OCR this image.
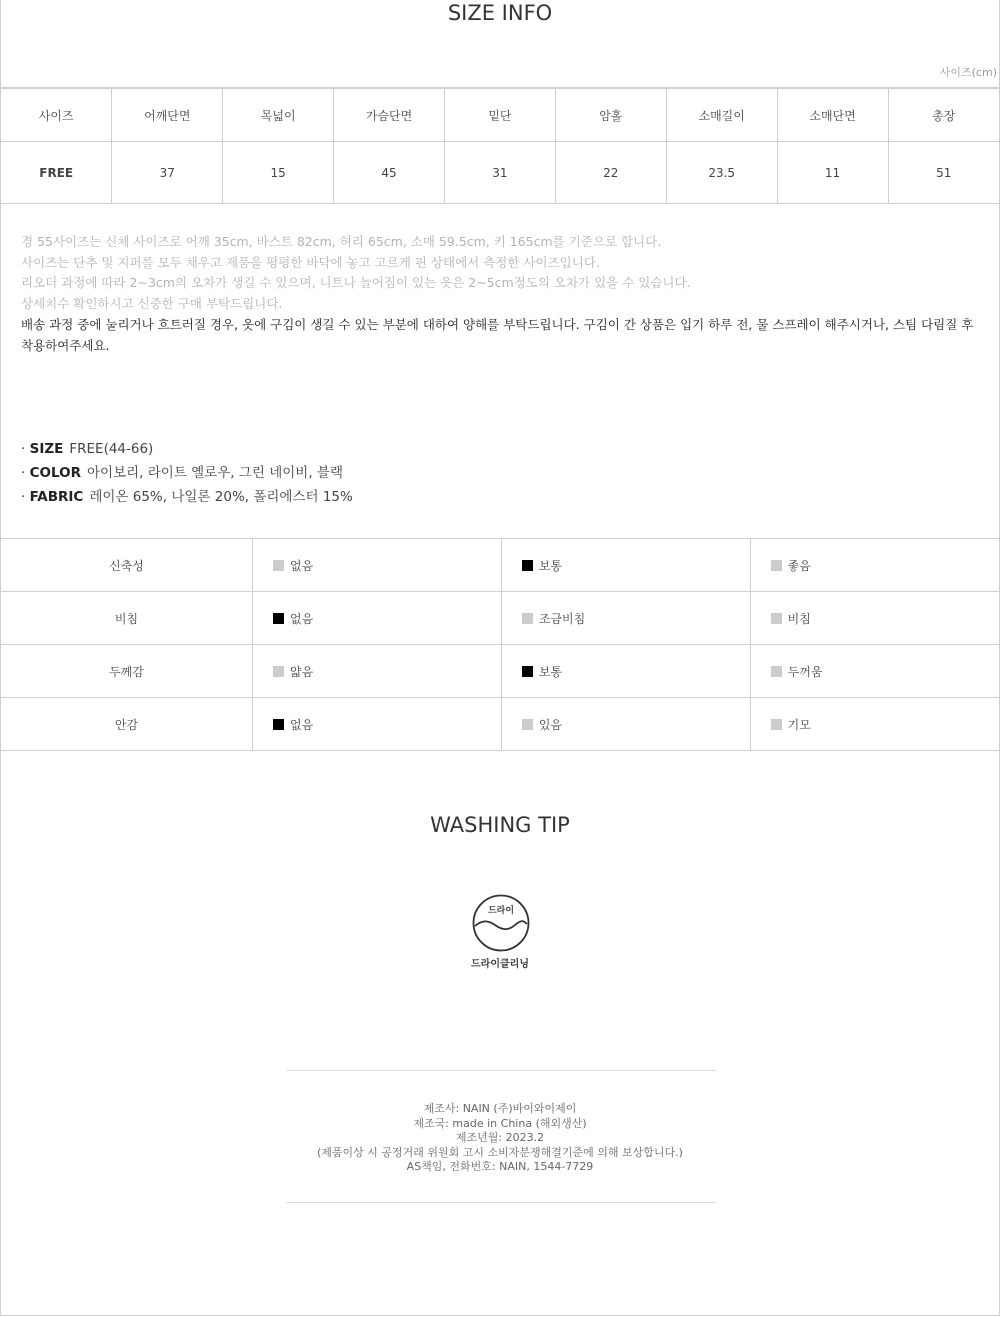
SIZE INFO
사이즈(cm)
사이즈	어깨단면	목넓이	가슴단면	밑단	암홀	소매길이	소매단면	총장
FREE	37	15	45	31	22	23.5	11	51
경 55사이즈는 신체 사이즈로 어깨 35cm, 바스트 82cm, 허리 65cm, 소매 59.5cm, 키 165cm를 기준으로 합니다.
사이즈는 단추 및 지퍼를 모두 채우고 제품을 평평한 바닥에 놓고 고르게 핀 상태에서 측정한 사이즈입니다.
리오더 과정에 따라 2~3cm의 오차가 생길 수 있으며, 니트나 늘어짐이 있는 옷은 2~5cm정도의 오차가 있을 수 있습니다.
상세치수 확인하시고 신중한 구매 부탁드립니다.
배송 과정 중에 눌리거나 흐트러질 경우, 옷에 구김이 생길 수 있는 부분에 대하여 양해를 부탁드립니다. 구김이 간 상품은 입기 하루 전, 물 스프레이 해주시거나, 스팀 다림질 후 착용하여주세요.
· SIZE FREE(44-66)
· COLOR 아이보리, 라이트 옐로우, 그린 네이비, 블랙
· FABRIC 레이온 65%, 나일론 20%, 폴리에스터 15%
신축성	없음	보통	좋음
비침	없음	조금비침	비침
두께감	얇음	보통	두꺼움
안감	없음	있음	기모
WASHING TIP
드라이
드라이클리닝
제조사: NAIN (주)바이와이제이
제조국: made in China (해외생산)
제조년월: 2023.2
(제품이상 시 공정거래 위원회 고시 소비자분쟁해결기준에 의해 보상합니다.)
AS책임, 전화번호: NAIN, 1544-7729
